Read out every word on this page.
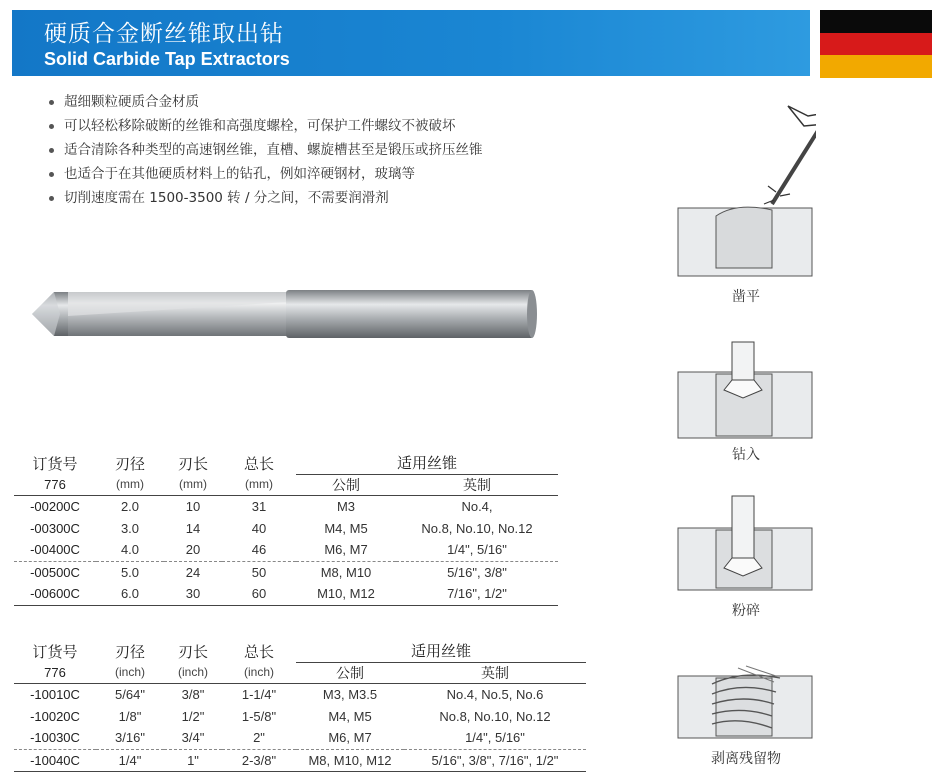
硬质合金断丝锥取出钻
Solid Carbide Tap Extractors
超细颗粒硬质合金材质
可以轻松移除破断的丝锥和高强度螺栓，可保护工件螺纹不被破坏
适合清除各种类型的高速钢丝锥，直槽、螺旋槽甚至是锻压或挤压丝锥
也适合于在其他硬质材料上的钻孔，例如淬硬钢材，玻璃等
切削速度需在 1500-3500 转 / 分之间，不需要润滑剂
凿平
钻入
粉碎
剥离残留物
订货号	刃径	刃长	总长	适用丝锥	
776	(mm)	(mm)	(mm)	公制	英制
-00200C	2.0	10	31	M3	No.4,
-00300C	3.0	14	40	M4, M5	No.8, No.10, No.12
-00400C	4.0	20	46	M6, M7	1/4", 5/16"
-00500C	5.0	24	50	M8, M10	5/16", 3/8"
-00600C	6.0	30	60	M10, M12	7/16", 1/2"
订货号	刃径	刃长	总长	适用丝锥	
776	(inch)	(inch)	(inch)	公制	英制
-10010C	5/64"	3/8"	1-1/4"	M3, M3.5	No.4, No.5, No.6
-10020C	1/8"	1/2"	1-5/8"	M4, M5	No.8, No.10, No.12
-10030C	3/16"	3/4"	2"	M6, M7	1/4", 5/16"
-10040C	1/4"	1"	2-3/8"	M8, M10, M12	5/16", 3/8", 7/16", 1/2"
